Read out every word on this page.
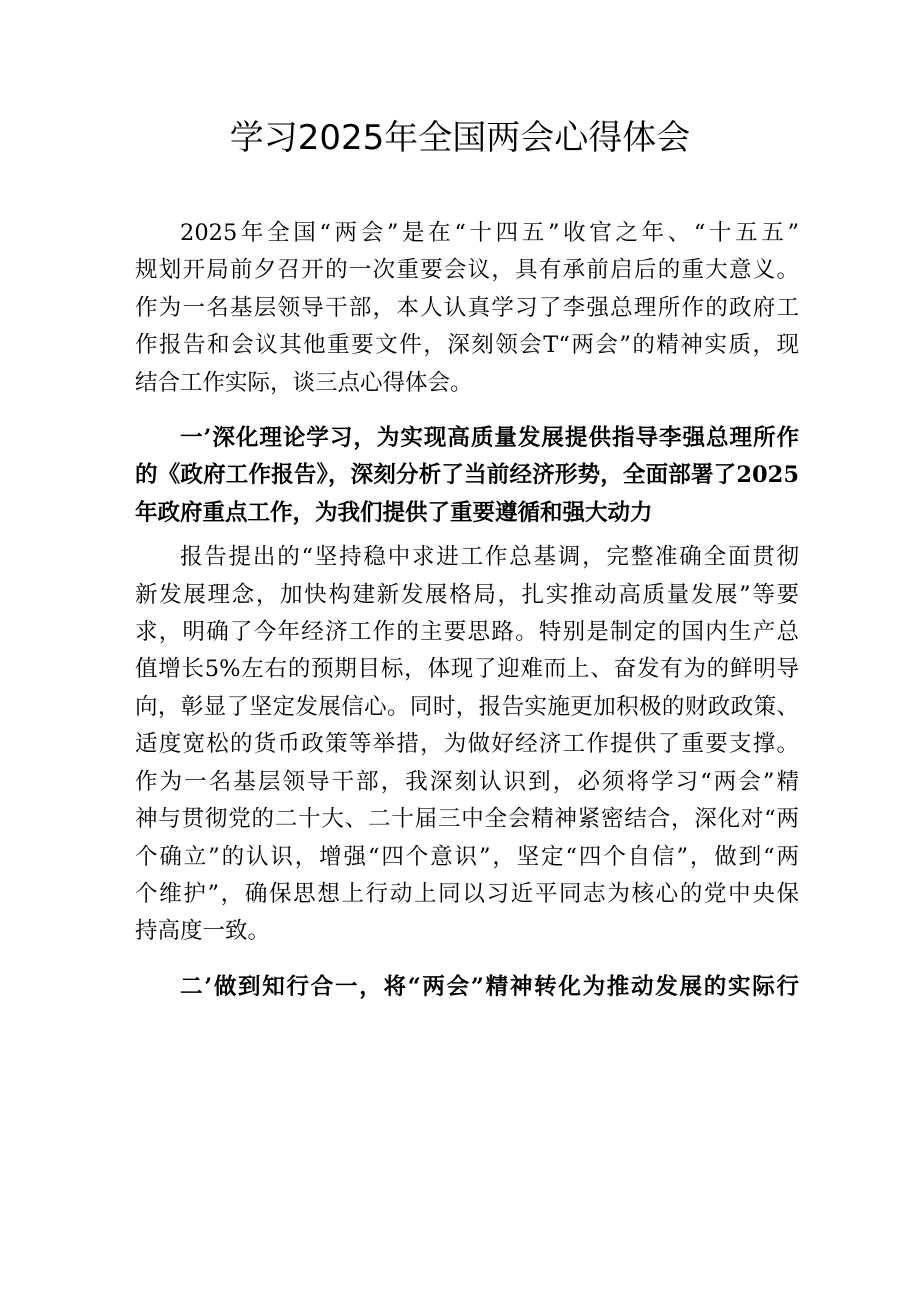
学习2025年全国两会心得体会
2025年全国“两会”是在“十四五”收官之年、“十五五”
规划开局前夕召开的一次重要会议，具有承前启后的重大意义。
作为一名基层领导干部，本人认真学习了李强总理所作的政府工
作报告和会议其他重要文件，深刻领会T“两会”的精神实质，现
结合工作实际，谈三点心得体会。
一’深化理论学习，为实现高质量发展提供指导李强总理所作
的《政府工作报告》，深刻分析了当前经济形势，全面部署了2025
年政府重点工作，为我们提供了重要遵循和强大动力
报告提出的“坚持稳中求进工作总基调，完整准确全面贯彻
新发展理念，加快构建新发展格局，扎实推动高质量发展”等要
求，明确了今年经济工作的主要思路。特别是制定的国内生产总
值增长5%左右的预期目标，体现了迎难而上、奋发有为的鲜明导
向，彰显了坚定发展信心。同时，报告实施更加积极的财政政策、
适度宽松的货币政策等举措，为做好经济工作提供了重要支撑。
作为一名基层领导干部，我深刻认识到，必须将学习“两会”精
神与贯彻党的二十大、二十届三中全会精神紧密结合，深化对“两
个确立”的认识，增强“四个意识”，坚定“四个自信”，做到“两
个维护”，确保思想上行动上同以习近平同志为核心的党中央保
持高度一致。
二’做到知行合一，将“两会”精神转化为推动发展的实际行
